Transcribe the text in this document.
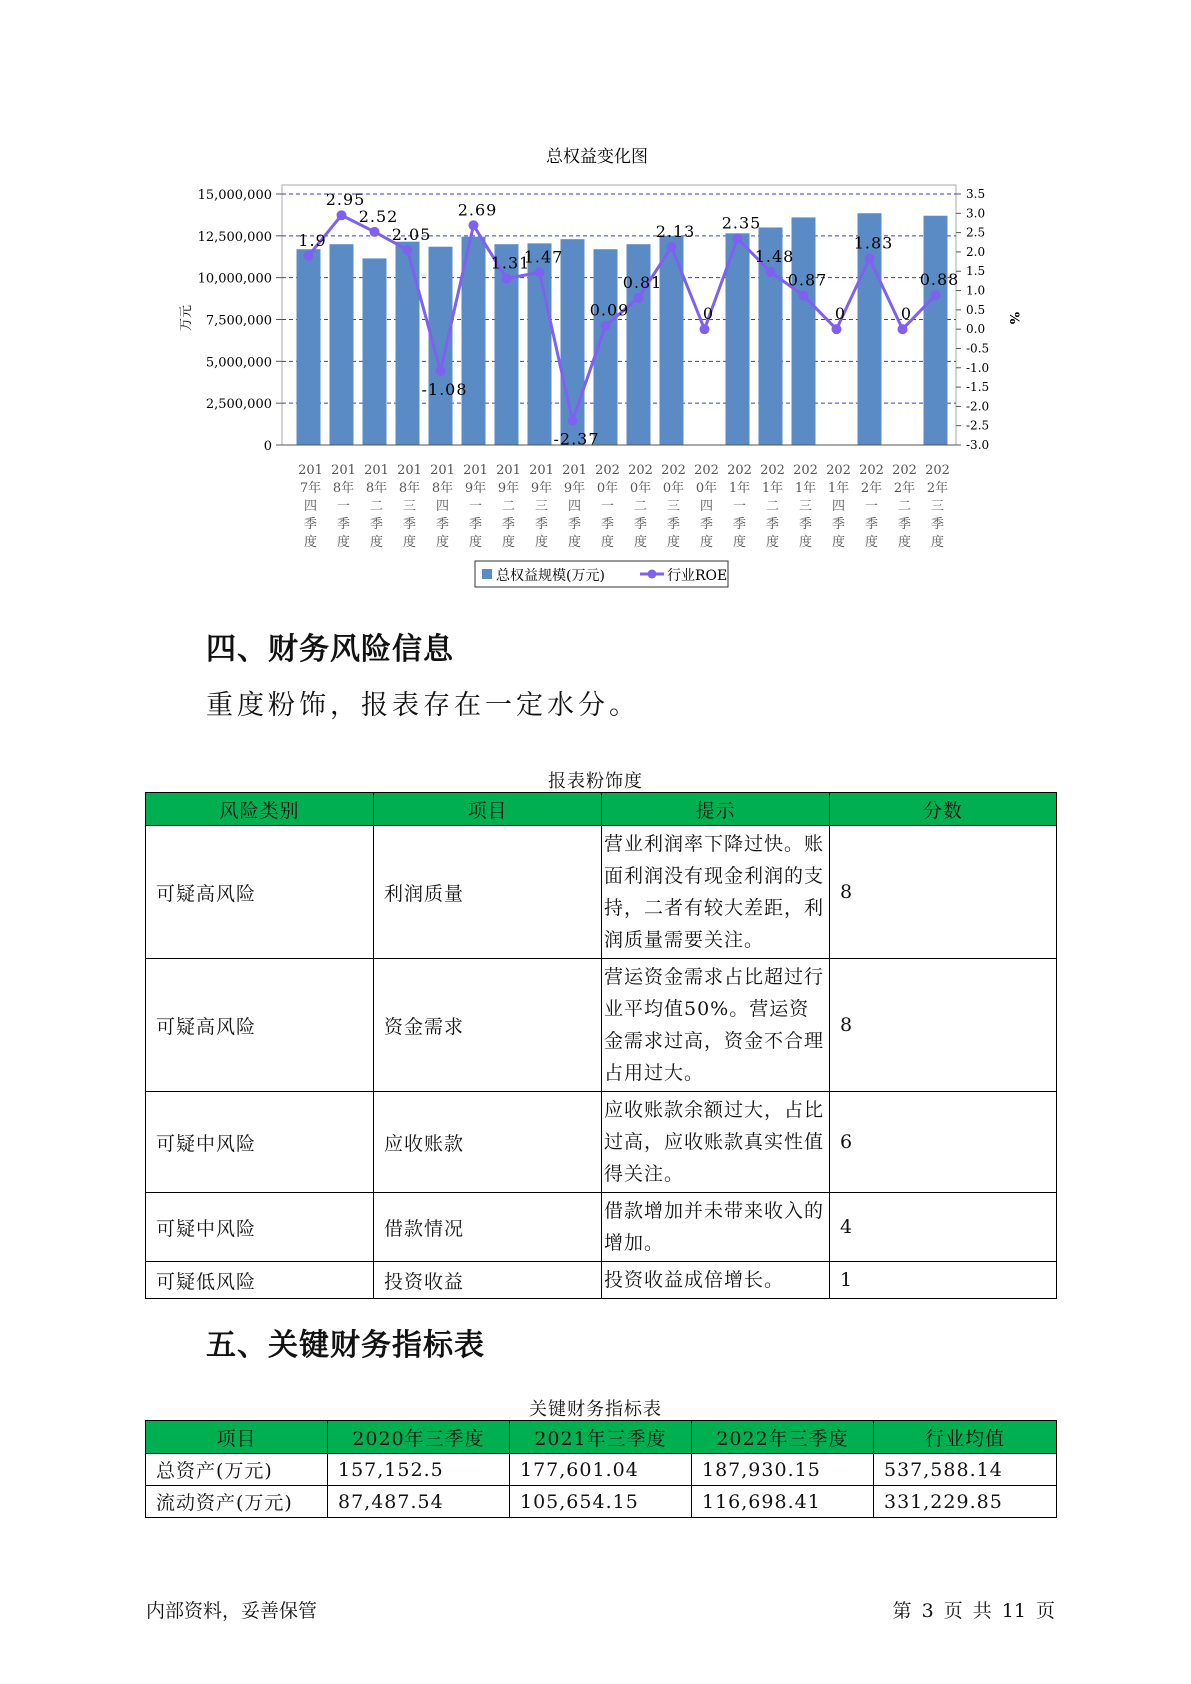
总权益变化图
1.9
2.95
2.52
2.05
-1.08
2.69
1.31
1.47
-2.37
0.09
0.81
2.13
0
2.35
1.48
0.87
0
1.83
0
0.88
0
2,500,000
5,000,000
7,500,000
10,000,000
12,500,000
15,000,000
-3.0
-2.5
-2.0
-1.5
-1.0
-0.5
0.0
0.5
1.0
1.5
2.0
2.5
3.0
3.5
201 7年四季度
201 8年一季度
201 8年二季度
201 8年三季度
201 8年四季度
201 9年一季度
201 9年二季度
201 9年三季度
201 9年四季度
202 0年一季度
202 0年二季度
202 0年三季度
202 0年四季度
202 1年一季度
202 1年二季度
202 1年三季度
202 1年四季度
202 2年一季度
202 2年二季度
202 2年三季度
万元	%
总权益规模(万元)	行业ROE
四、财务风险信息

重度粉饰，报表存在一定水分。

报表粉饰度
风险类别	项目	提示	分数
可疑高风险	利润质量	营业利润率下降过快。账面利润没有现金利润的支持，二者有较大差距，利润质量需要关注。	8
可疑高风险	资金需求	营运资金需求占比超过行业平均值50%。营运资金需求过高，资金不合理占用过大。	8
可疑中风险	应收账款	应收账款余额过大，占比过高，应收账款真实性值得关注。	6
可疑中风险	借款情况	借款增加并未带来收入的增加。	4
可疑低风险	投资收益	投资收益成倍增长。	1
五、关键财务指标表
关键财务指标表
项目	2020年三季度	2021年三季度	2022年三季度	行业均值
总资产(万元)	157,152.5	177,601.04	187,930.15	537,588.14
流动资产(万元)	87,487.54	105,654.15	116,698.41	331,229.85
内部资料，妥善保管	第 3 页 共 11 页
